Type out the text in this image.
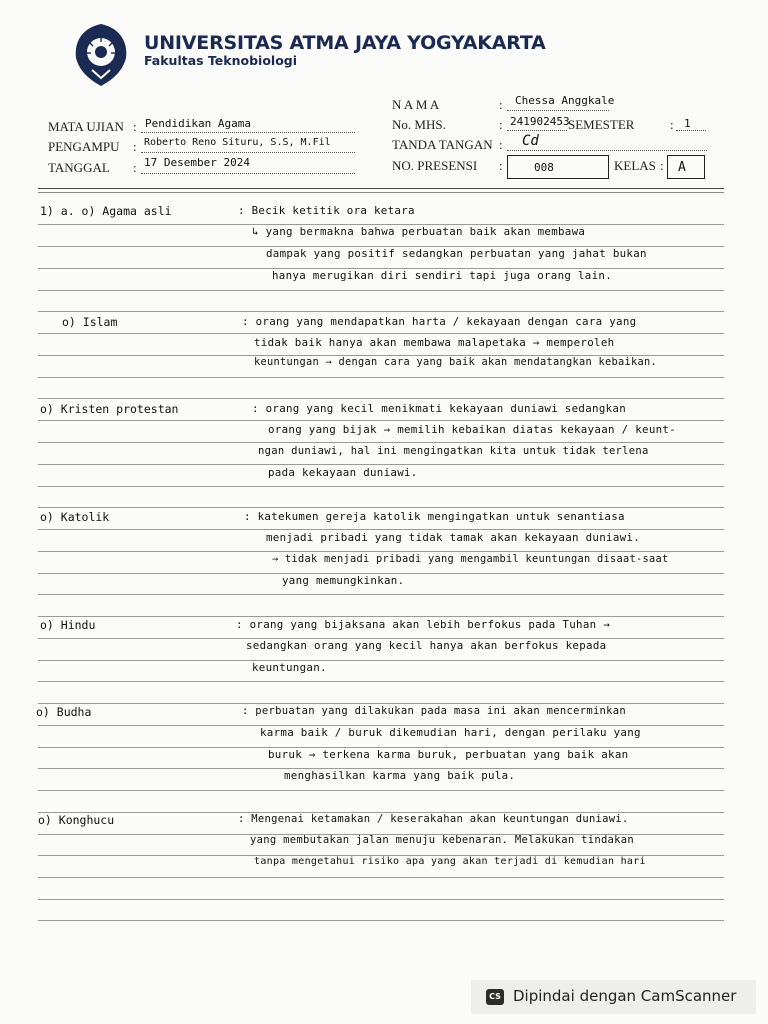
UNIVERSITAS ATMA JAYA YOGYAKARTA
Fakultas Teknobiologi
N A M A	: Chessa Anggkale
MATA UJIAN : Pendidikan Agama	No. MHS.	: 241902453
SEMESTER	: 1
PENGAMPU : Roberto Reno Situru, S.S, M.Fil	TANDA TANGAN : Cd
TANGGAL : 17 Desember 2024	NO. PRESENSI :	008	KELAS : A
1) a. o) Agama asli	: Becik ketitik ora ketara
↳ yang bermakna bahwa perbuatan baik akan membawa
dampak yang positif sedangkan perbuatan yang jahat bukan
hanya merugikan diri sendiri tapi juga orang lain.
o) Islam	: orang yang mendapatkan harta / kekayaan dengan cara yang
tidak baik hanya akan membawa malapetaka → memperoleh
keuntungan → dengan cara yang baik akan mendatangkan kebaikan.
o) Kristen protestan	: orang yang kecil menikmati kekayaan duniawi sedangkan
orang yang bijak → memilih kebaikan diatas kekayaan / keunt-
ngan duniawi, hal ini mengingatkan kita untuk tidak terlena
pada kekayaan duniawi.
o) Katolik	: katekumen gereja katolik mengingatkan untuk senantiasa
menjadi pribadi yang tidak tamak akan kekayaan duniawi.
→ tidak menjadi pribadi yang mengambil keuntungan disaat-saat
yang memungkinkan.
o) Hindu	: orang yang bijaksana akan lebih berfokus pada Tuhan →
sedangkan orang yang kecil hanya akan berfokus kepada
keuntungan.
o) Budha	: perbuatan yang dilakukan pada masa ini akan mencerminkan
karma baik / buruk dikemudian hari, dengan perilaku yang
buruk → terkena karma buruk, perbuatan yang baik akan
menghasilkan karma yang baik pula.
o) Konghucu	: Mengenai ketamakan / keserakahan akan keuntungan duniawi.
yang membutakan jalan menuju kebenaran. Melakukan tindakan
tanpa mengetahui risiko apa yang akan terjadi di kemudian hari
CS Dipindai dengan CamScanner
